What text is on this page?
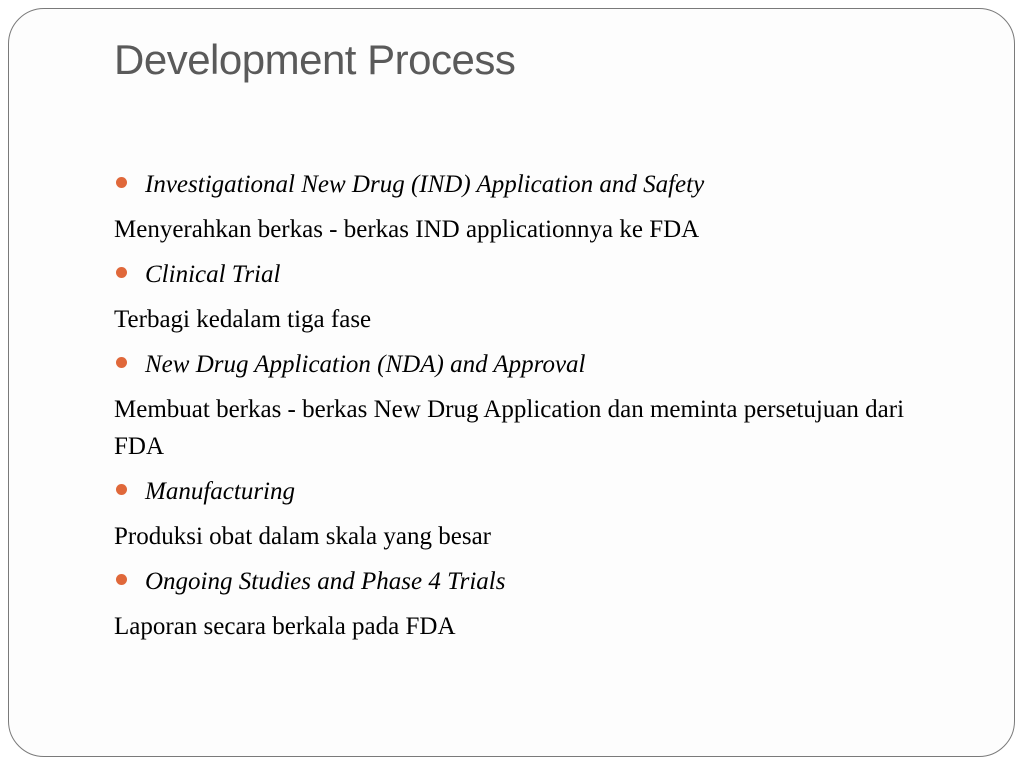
Development Process
Investigational New Drug (IND) Application and Safety
Menyerahkan berkas - berkas IND applicationnya ke FDA
Clinical Trial
Terbagi kedalam tiga fase
New Drug Application (NDA) and Approval
Membuat berkas - berkas New Drug Application dan meminta persetujuan dari FDA
Manufacturing
Produksi obat dalam skala yang besar
Ongoing Studies and Phase 4 Trials
Laporan secara berkala pada FDA
